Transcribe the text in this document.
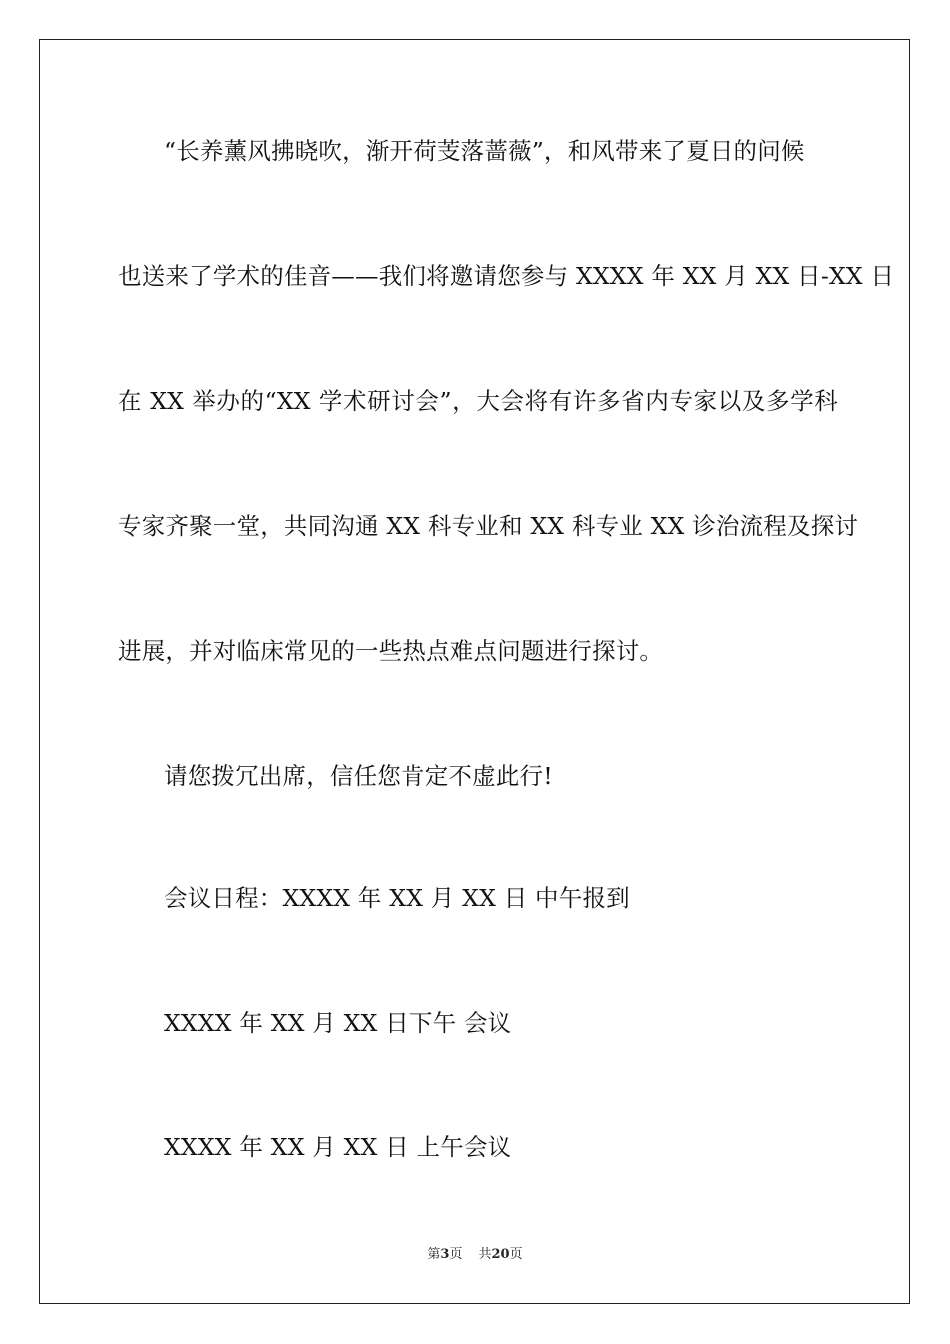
“长养薰风拂晓吹，渐开荷芰落蔷薇”，和风带来了夏日的问候
也送来了学术的佳音——我们将邀请您参与 XXXX 年 XX 月 XX 日-XX 日
在 XX 举办的“XX 学术研讨会”，大会将有许多省内专家以及多学科
专家齐聚一堂，共同沟通 XX 科专业和 XX 科专业 XX 诊治流程及探讨
进展，并对临床常见的一些热点难点问题进行探讨。
请您拨冗出席，信任您肯定不虚此行!
会议日程：XXXX 年 XX 月 XX 日 中午报到
XXXX 年 XX 月 XX 日下午 会议
XXXX 年 XX 月 XX 日 上午会议
第3页 共20页
